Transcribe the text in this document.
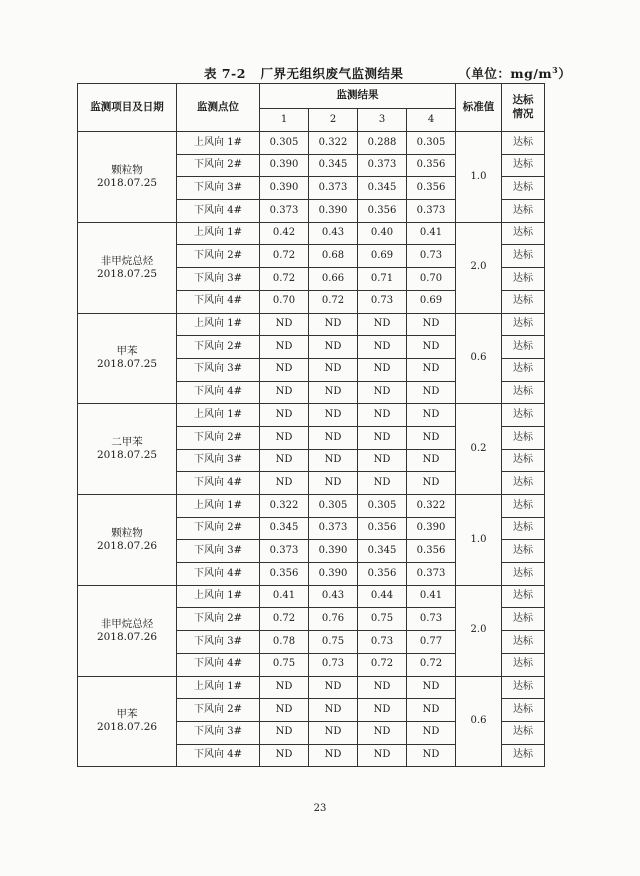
表 7-2 厂界无组织废气监测结果	（单位：$mg/m^3$）
监测项目及日期	监测点位	监测结果				标准值	达标情况
		1	2	3	4		

颗粒物
2018.07.25	上风向 1#	0.305	0.322	0.288	0.305	1.0	达标
	下风向 2#	0.390	0.345	0.373	0.356		达标
	下风向 3#	0.390	0.373	0.345	0.356		达标
	下风向 4#	0.373	0.390	0.356	0.373		达标

非甲烷总烃
2018.07.25	上风向 1#	0.42	0.43	0.40	0.41	2.0	达标
	下风向 2#	0.72	0.68	0.69	0.73		达标
	下风向 3#	0.72	0.66	0.71	0.70		达标
	下风向 4#	0.70	0.72	0.73	0.69		达标

甲苯
2018.07.25	上风向 1#	ND	ND	ND	ND	0.6	达标
	下风向 2#	ND	ND	ND	ND		达标
	下风向 3#	ND	ND	ND	ND		达标
	下风向 4#	ND	ND	ND	ND		达标

二甲苯
2018.07.25	上风向 1#	ND	ND	ND	ND	0.2	达标
	下风向 2#	ND	ND	ND	ND		达标
	下风向 3#	ND	ND	ND	ND		达标
	下风向 4#	ND	ND	ND	ND		达标

颗粒物
2018.07.26	上风向 1#	0.322	0.305	0.305	0.322	1.0	达标
	下风向 2#	0.345	0.373	0.356	0.390		达标
	下风向 3#	0.373	0.390	0.345	0.356		达标
	下风向 4#	0.356	0.390	0.356	0.373		达标

非甲烷总烃
2018.07.26	上风向 1#	0.41	0.43	0.44	0.41	2.0	达标
	下风向 2#	0.72	0.76	0.75	0.73		达标
	下风向 3#	0.78	0.75	0.73	0.77		达标
	下风向 4#	0.75	0.73	0.72	0.72		达标

甲苯
2018.07.26	上风向 1#	ND	ND	ND	ND	0.6	达标
	下风向 2#	ND	ND	ND	ND		达标
	下风向 3#	ND	ND	ND	ND		达标
	下风向 4#	ND	ND	ND	ND		达标
23
